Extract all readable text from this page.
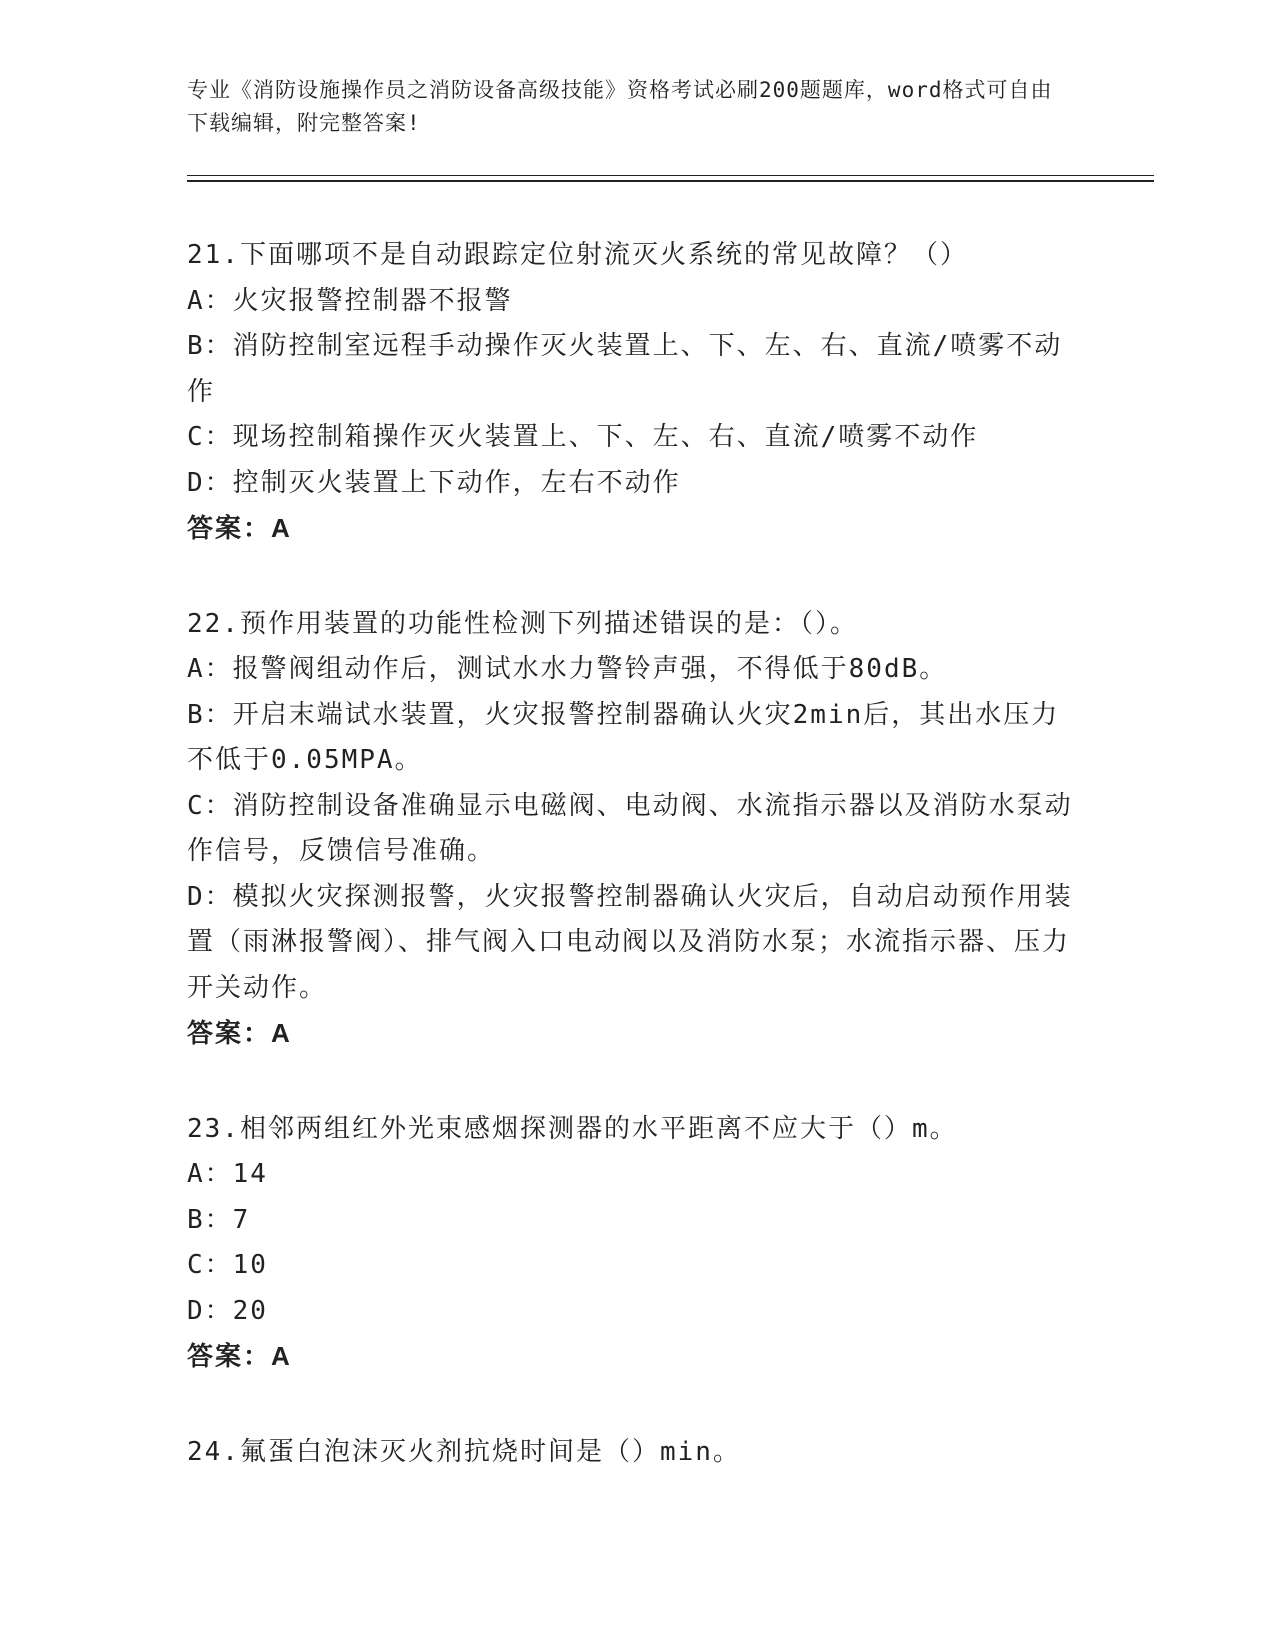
专业《消防设施操作员之消防设备高级技能》资格考试必刷200题题库，word格式可自由下载编辑，附完整答案!
21.下面哪项不是自动跟踪定位射流灭火系统的常见故障？（）
A：火灾报警控制器不报警
B：消防控制室远程手动操作灭火装置上、下、左、右、直流/喷雾不动作
C：现场控制箱操作灭火装置上、下、左、右、直流/喷雾不动作
D：控制灭火装置上下动作，左右不动作
答案：A
22.预作用装置的功能性检测下列描述错误的是：（）。
A：报警阀组动作后，测试水水力警铃声强，不得低于80dB。
B：开启末端试水装置，火灾报警控制器确认火灾2min后，其出水压力不低于0.05MPA。
C：消防控制设备准确显示电磁阀、电动阀、水流指示器以及消防水泵动作信号，反馈信号准确。
D：模拟火灾探测报警，火灾报警控制器确认火灾后，自动启动预作用装置（雨淋报警阀）、排气阀入口电动阀以及消防水泵；水流指示器、压力开关动作。
答案：A
23.相邻两组红外光束感烟探测器的水平距离不应大于（）m。
A：14
B：7
C：10
D：20
答案：A
24.氟蛋白泡沫灭火剂抗烧时间是（）min。
